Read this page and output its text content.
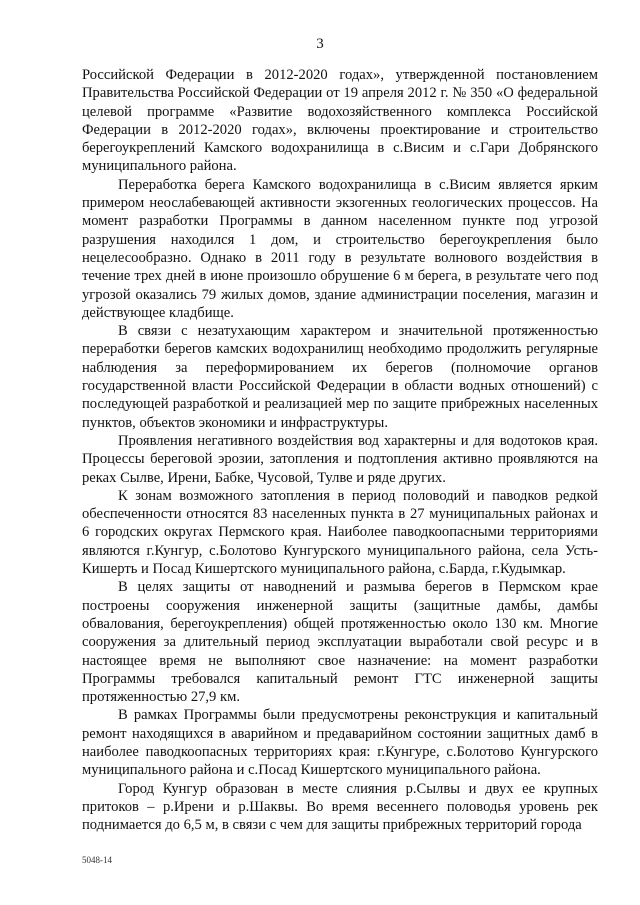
3

Российской Федерации в 2012-2020 годах», утвержденной постановлением Правительства Российской Федерации от 19 апреля 2012 г. № 350 «О федеральной целевой программе «Развитие водохозяйственного комплекса Российской Федерации в 2012-2020 годах», включены проектирование и строительство берегоукреплений Камского водохранилища в с.Висим и с.Гари Добрянского муниципального района.

Переработка берега Камского водохранилища в с.Висим является ярким примером неослабевающей активности экзогенных геологических процессов. На момент разработки Программы в данном населенном пункте под угрозой разрушения находился 1 дом, и строительство берегоукрепления было нецелесообразно. Однако в 2011 году в результате волнового воздействия в течение трех дней в июне произошло обрушение 6 м берега, в результате чего под угрозой оказались 79 жилых домов, здание администрации поселения, магазин и действующее кладбище.

В связи с незатухающим характером и значительной протяженностью переработки берегов камских водохранилищ необходимо продолжить регулярные наблюдения за переформированием их берегов (полномочие органов государственной власти Российской Федерации в области водных отношений) с последующей разработкой и реализацией мер по защите прибрежных населенных пунктов, объектов экономики и инфраструктуры.

Проявления негативного воздействия вод характерны и для водотоков края. Процессы береговой эрозии, затопления и подтопления активно проявляются на реках Сылве, Ирени, Бабке, Чусовой, Тулве и ряде других.

К зонам возможного затопления в период половодий и паводков редкой обеспеченности относятся 83 населенных пункта в 27 муниципальных районах и 6 городских округах Пермского края. Наиболее паводкоопасными территориями являются г.Кунгур, с.Болотово Кунгурского муниципального района, села Усть-Кишерть и Посад Кишертского муниципального района, с.Барда, г.Кудымкар.

В целях защиты от наводнений и размыва берегов в Пермском крае построены сооружения инженерной защиты (защитные дамбы, дамбы обвалования, берегоукрепления) общей протяженностью около 130 км. Многие сооружения за длительный период эксплуатации выработали свой ресурс и в настоящее время не выполняют свое назначение: на момент разработки Программы требовался капитальный ремонт ГТС инженерной защиты протяженностью 27,9 км.

В рамках Программы были предусмотрены реконструкция и капитальный ремонт находящихся в аварийном и предаварийном состоянии защитных дамб в наиболее паводкоопасных территориях края: г.Кунгуре, с.Болотово Кунгурского муниципального района и с.Посад Кишертского муниципального района.

Город Кунгур образован в месте слияния р.Сылвы и двух ее крупных притоков – р.Ирени и р.Шаквы. Во время весеннего половодья уровень рек поднимается до 6,5 м, в связи с чем для защиты прибрежных территорий города

5048-14
